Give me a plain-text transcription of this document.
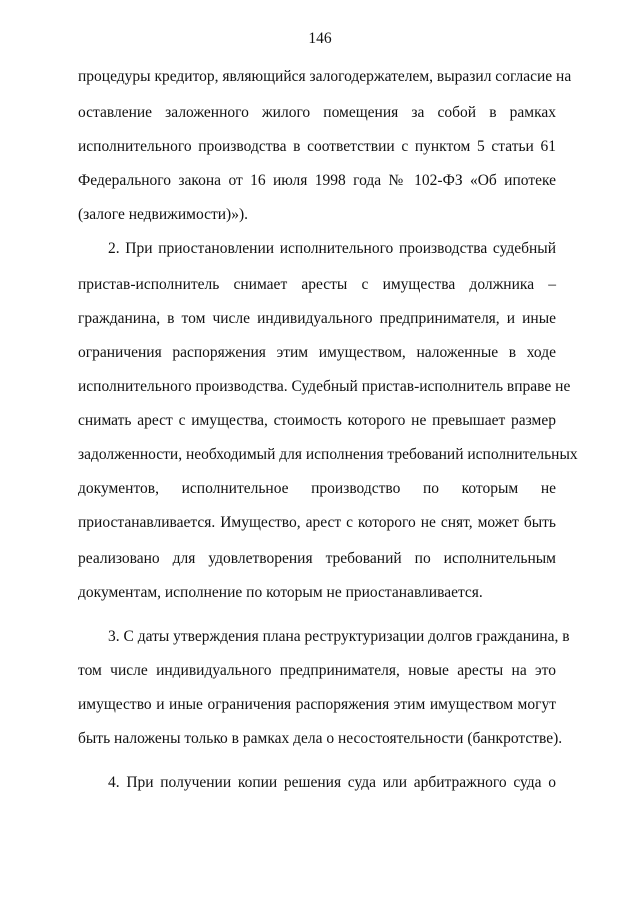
146
процедуры кредитор, являющийся залогодержателем, выразил согласие на
оставление заложенного жилого помещения за собой в рамках
исполнительного производства в соответствии с пунктом 5 статьи 61
Федерального закона от 16 июля 1998 года № 102-ФЗ «Об ипотеке
(залоге недвижимости)»).
2. При приостановлении исполнительного производства судебный
пристав-исполнитель снимает аресты с имущества должника –
гражданина, в том числе индивидуального предпринимателя, и иные
ограничения распоряжения этим имуществом, наложенные в ходе
исполнительного производства. Судебный пристав-исполнитель вправе не
снимать арест с имущества, стоимость которого не превышает размер
задолженности, необходимый для исполнения требований исполнительных
документов, исполнительное производство по которым не
приостанавливается. Имущество, арест с которого не снят, может быть
реализовано для удовлетворения требований по исполнительным
документам, исполнение по которым не приостанавливается.
3. С даты утверждения плана реструктуризации долгов гражданина, в
том числе индивидуального предпринимателя, новые аресты на это
имущество и иные ограничения распоряжения этим имуществом могут
быть наложены только в рамках дела о несостоятельности (банкротстве).
4. При получении копии решения суда или арбитражного суда о
